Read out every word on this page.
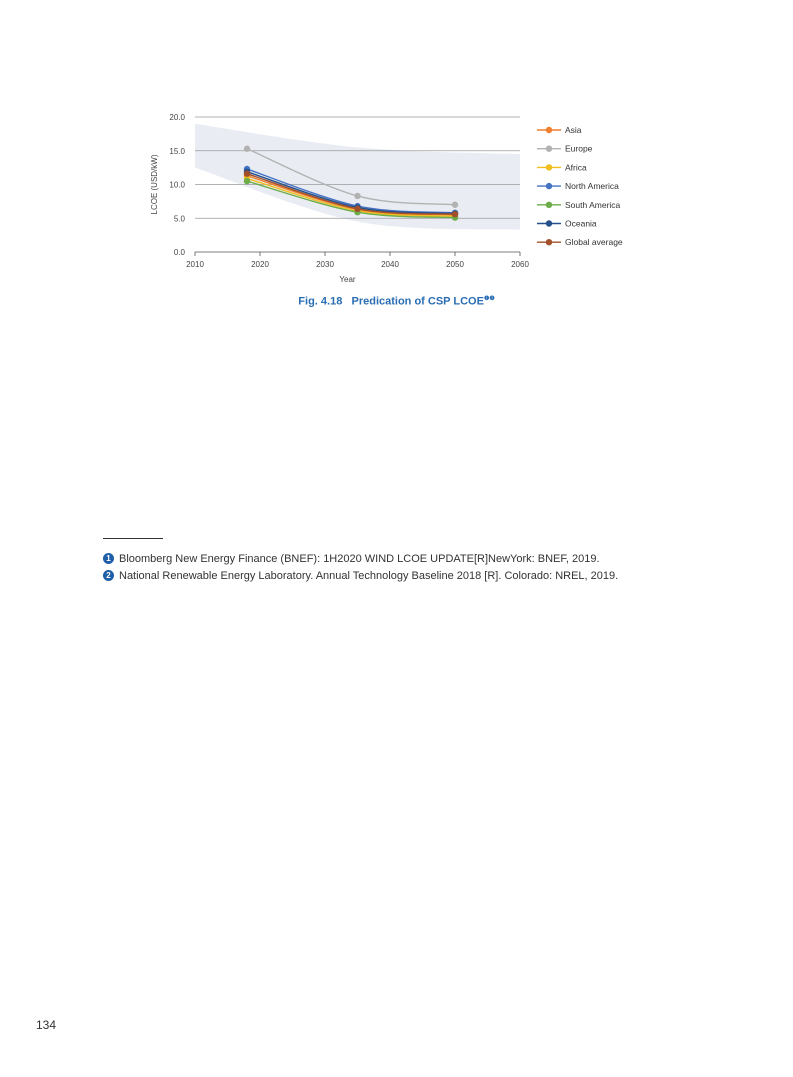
0.0
5.0
10.0
15.0
20.0
2010	2020	2030	2040	2050	2060
Year
LCOE (USD/kW)
Asia
Europe
Africa
North America
South America
Oceania
Global average
Fig. 4.18 Predication of CSP $LCOE^{❶❷}$
1 Bloomberg New Energy Finance (BNEF): 1H2020 WIND LCOE UPDATE[R]NewYork: BNEF, 2019.
2 National Renewable Energy Laboratory. Annual Technology Baseline 2018 [R]. Colorado: NREL, 2019.
134
